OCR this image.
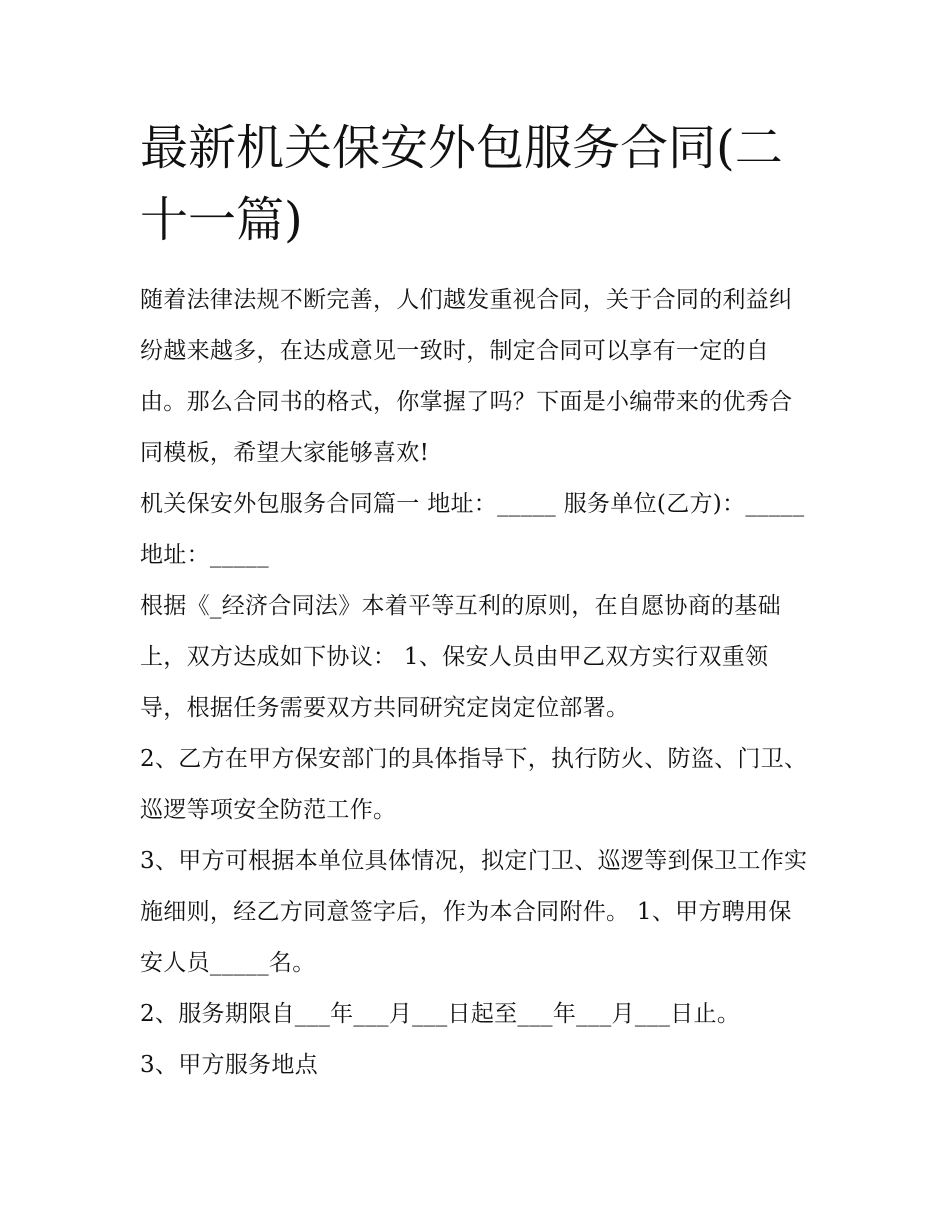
最新机关保安外包服务合同(二十一篇)

随着法律法规不断完善，人们越发重视合同，关于合同的利益纠纷越来越多，在达成意见一致时，制定合同可以享有一定的自由。那么合同书的格式，你掌握了吗？下面是小编带来的优秀合同模板，希望大家能够喜欢!

机关保安外包服务合同篇一 地址：_____ 服务单位(乙方)：_____ 地址：_____

根据《_经济合同法》本着平等互利的原则，在自愿协商的基础上，双方达成如下协议： 1、保安人员由甲乙双方实行双重领导，根据任务需要双方共同研究定岗定位部署。

2、乙方在甲方保安部门的具体指导下，执行防火、防盗、门卫、巡逻等项安全防范工作。

3、甲方可根据本单位具体情况，拟定门卫、巡逻等到保卫工作实施细则，经乙方同意签字后，作为本合同附件。 1、甲方聘用保安人员_____名。

2、服务期限自___年___月___日起至___年___月___日止。

3、甲方服务地点
